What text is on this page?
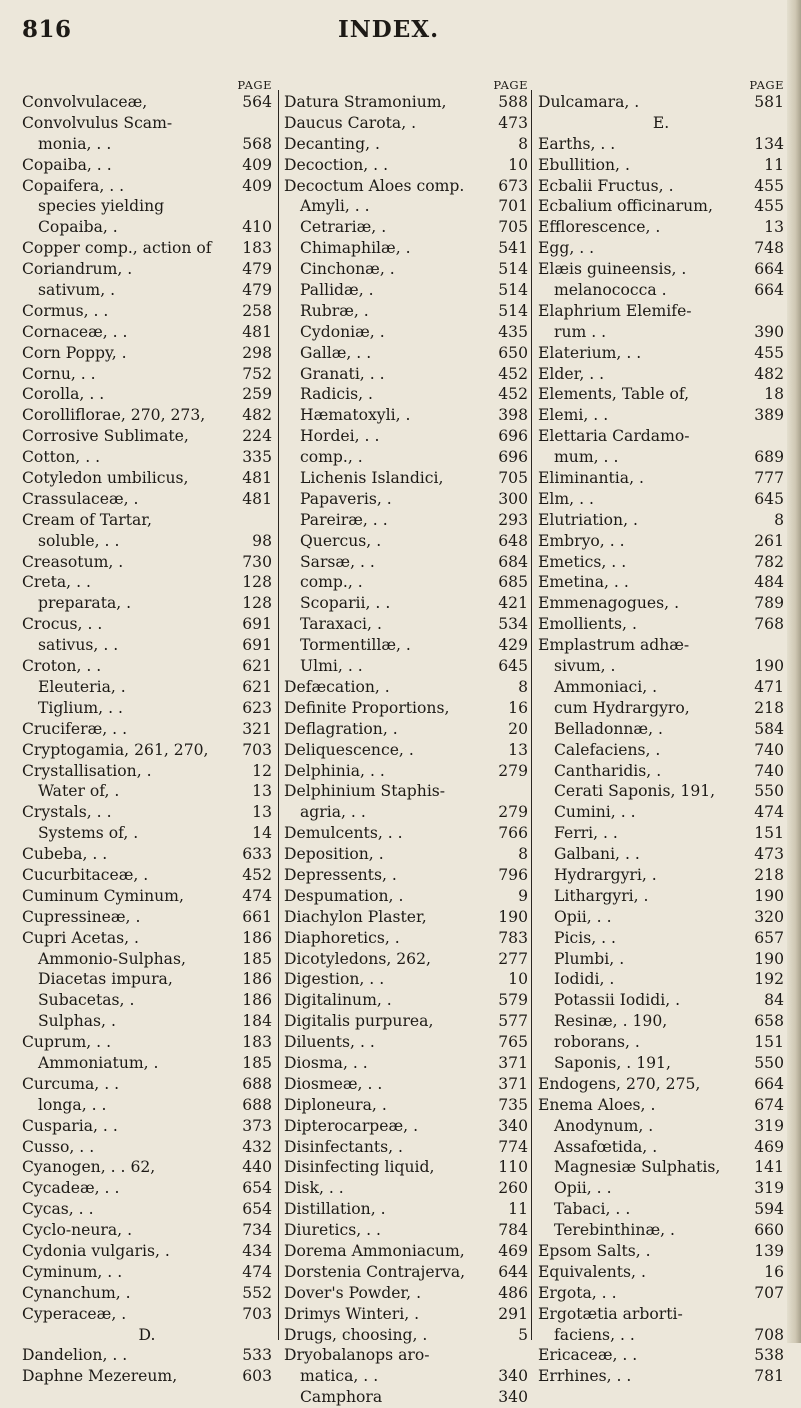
816	INDEX.
PAGE
Convolvulaceæ,	564
Convolvulus Scam-
monia, . .	568
Copaiba, . .	409
Copaifera, . .	409
species yielding
Copaiba, .	410
Copper comp., action of 183
Coriandrum, .	479
sativum, .	479
Cormus, . .	258
Cornaceæ, . .	481
Corn Poppy, .	298
Cornu, . .	752
Corolla, . .	259
Corolliflorae, 270, 273, 482
Corrosive Sublimate,	224
Cotton, . .	335
Cotyledon umbilicus,	481
Crassulaceæ, .	481
Cream of Tartar,
soluble, . .	98
Creasotum, .	730
Creta, . .	128
preparata, .	128
Crocus, . .	691
sativus, . .	691
Croton, . .	621
Eleuteria, .	621
Tiglium, . .	623
Cruciferæ, . .	321
Cryptogamia, 261, 270, 703
Crystallisation, .	12
Water of, .	13
Crystals, . .	13
Systems of, .	14
Cubeba, . .	633
Cucurbitaceæ, .	452
Cuminum Cyminum,	474
Cupressineæ, .	661
Cupri Acetas, .	186
Ammonio-Sulphas,	185
Diacetas impura,	186
Subacetas, .	186
Sulphas, .	184
Cuprum, . .	183
Ammoniatum, .	185
Curcuma, . .	688
longa, . .	688
Cusparia, . .	373
Cusso, . .	432
Cyanogen, . . 62,	440
Cycadeæ, . .	654
Cycas, . .	654
Cyclo-neura, .	734
Cydonia vulgaris, .	434
Cyminum, . .	474
Cynanchum, .	552
Cyperaceæ, .	703
D.
Dandelion, . .	533
Daphne Mezereum,	603
PAGE
Datura Stramonium,	588
Daucus Carota, .	473
Decanting, .	8
Decoction, . .	10
Decoctum Aloes comp. 673
Amyli, . .	701
Cetrariæ, .	705
Chimaphilæ, .	541
Cinchonæ, .	514
Pallidæ, .	514
Rubræ, .	514
Cydoniæ, .	435
Gallæ, . .	650
Granati, . .	452
Radicis, .	452
Hæmatoxyli, .	398
Hordei, . .	696
comp., .	696
Lichenis Islandici,	705
Papaveris, .	300
Pareiræ, . .	293
Quercus, .	648
Sarsæ, . .	684
comp., .	685
Scoparii, . .	421
Taraxaci, .	534
Tormentillæ, .	429
Ulmi, . .	645
Defæcation, .	8
Definite Proportions,	16
Deflagration, .	20
Deliquescence, .	13
Delphinia, . .	279
Delphinium Staphis-
agria, . .	279
Demulcents, . .	766
Deposition, .	8
Depressents, .	796
Despumation, .	9
Diachylon Plaster,	190
Diaphoretics, .	783
Dicotyledons, 262,	277
Digestion, . .	10
Digitalinum, .	579
Digitalis purpurea,	577
Diluents, . .	765
Diosma, . .	371
Diosmeæ, . .	371
Diploneura, .	735
Dipterocarpeæ, .	340
Disinfectants, .	774
Disinfecting liquid,	110
Disk, . .	260
Distillation, .	11
Diuretics, . .	784
Dorema Ammoniacum, 469
Dorstenia Contrajerva, 644
Dover's Powder, .	486
Drimys Winteri, .	291
Drugs, choosing, .	5
Dryobalanops aro-
matica, . .	340
Camphora	340
PAGE
Dulcamara, .	581
E.
Earths, . .	134
Ebullition, .	11
Ecbalii Fructus, .	455
Ecbalium officinarum,	455
Efflorescence, .	13
Egg, . .	748
Elæis guineensis, .	664
melanococca .	664
Elaphrium Elemife-
rum . .	390
Elaterium, . .	455
Elder, . .	482
Elements, Table of,	18
Elemi, . .	389
Elettaria Cardamo-
mum, . .	689
Eliminantia, .	777
Elm, . .	645
Elutriation, .	8
Embryo, . .	261
Emetics, . .	782
Emetina, . .	484
Emmenagogues, .	789
Emollients, .	768
Emplastrum adhæ-
sivum, .	190
Ammoniaci, .	471
cum Hydrargyro,	218
Belladonnæ, .	584
Calefaciens, .	740
Cantharidis, .	740
Cerati Saponis, 191,	550
Cumini, . .	474
Ferri, . .	151
Galbani, . .	473
Hydrargyri, .	218
Lithargyri, .	190
Opii, . .	320
Picis, . .	657
Plumbi, .	190
Iodidi, .	192
Potassii Iodidi, .	84
Resinæ, . 190,	658
roborans, .	151
Saponis, . 191,	550
Endogens, 270, 275,	664
Enema Aloes, .	674
Anodynum, .	319
Assafœtida, .	469
Magnesiæ Sulphatis, 141
Opii, . .	319
Tabaci, . .	594
Terebinthinæ, .	660
Epsom Salts, .	139
Equivalents, .	16
Ergota, . .	707
Ergotætia arborti-
faciens, . .	708
Ericaceæ, . .	538
Errhines, . .	781
